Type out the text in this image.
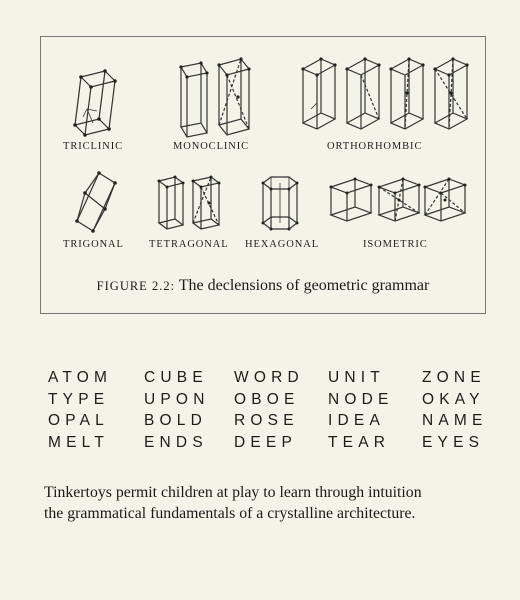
TRICLINIC	MONOCLINIC	ORTHORHOMBIC
TRIGONAL TETRAGONAL HEXAGONAL	ISOMETRIC
FIGURE 2.2: The declensions of geometric grammar
ATOM CUBE WORD UNIT ZONE
TYPE UPON OBOE NODE OKAY
OPAL BOLD ROSE IDEA NAME
MELT ENDS DEEP TEAR EYES

Tinkertoys permit children at play to learn through intuition

the grammatical fundamentals of a crystalline architecture.
